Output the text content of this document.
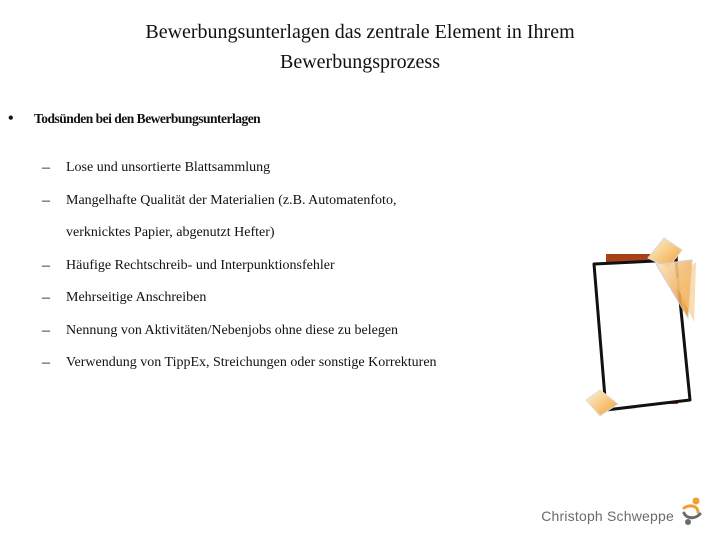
Bewerbungsunterlagen das zentrale Element in Ihrem
Bewerbungsprozess
• Todsünden bei den Bewerbungsunterlagen
– Lose und unsortierte Blattsammlung
– Mangelhafte Qualität der Materialien (z.B. Automatenfoto, verknicktes Papier, abgenutzt Hefter)
– Häufige Rechtschreib- und Interpunktionsfehler
– Mehrseitige Anschreiben
– Nennung von Aktivitäten/Nebenjobs ohne diese zu belegen
– Verwendung von TippEx, Streichungen oder sonstige Korrekturen
Christoph Schweppe
